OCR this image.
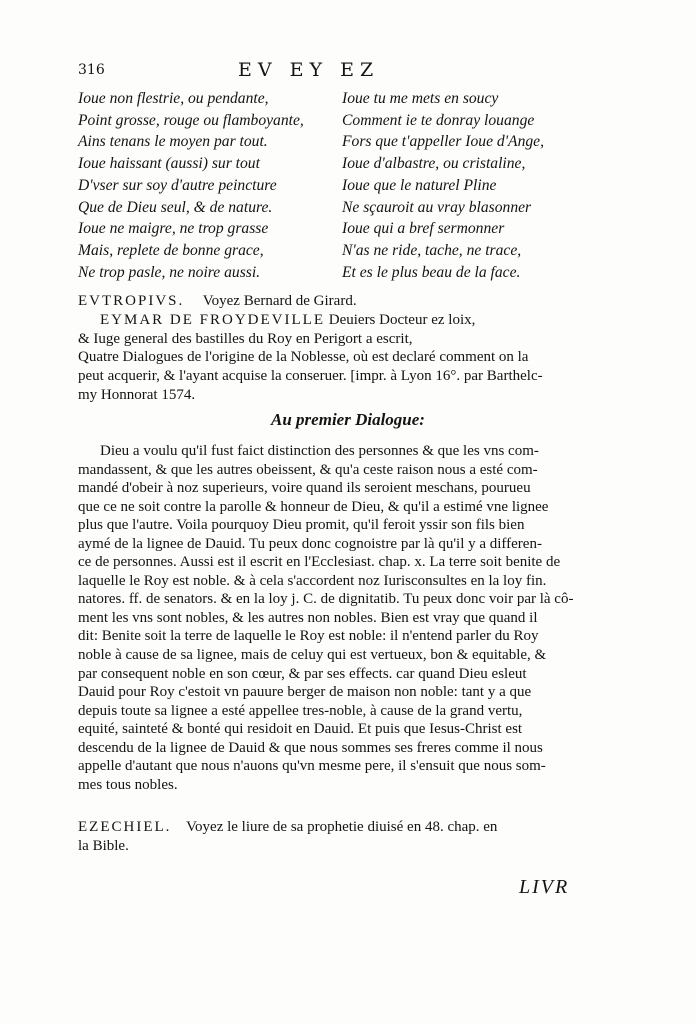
316	EV EY EZ
Ioue non flestrie, ou pendante,
Point grosse, rouge ou flamboyante,
Ains tenans le moyen par tout.
Ioue haissant (aussi) sur tout
D'vser sur soy d'autre peincture
Que de Dieu seul, & de nature.
Ioue ne maigre, ne trop grasse
Mais, replete de bonne grace,
Ne trop pasle, ne noire aussi.
Ioue tu me mets en soucy
Comment ie te donray louange
Fors que t'appeller Ioue d'Ange,
Ioue d'albastre, ou cristaline,
Ioue que le naturel Pline
Ne sçauroit au vray blasonner
Ioue qui a bref sermonner
N'as ne ride, tache, ne trace,
Et es le plus beau de la face.
EVTROPIVS. Voyez Bernard de Girard.
EYMAR DE FROYDEVILLE Deuiers Docteur ez loix,
& Iuge general des bastilles du Roy en Perigort a escrit,
Quatre Dialogues de l'origine de la Noblesse, où est declaré comment on la
peut acquerir, & l'ayant acquise la conseruer. [impr. à Lyon 16°. par Barthelc-
my Honnorat 1574.
Au premier Dialogue:
Dieu a voulu qu'il fust faict distinction des personnes & que les vns com-
mandassent, & que les autres obeissent, & qu'a ceste raison nous a esté com-
mandé d'obeir à noz superieurs, voire quand ils seroient meschans, pourueu
que ce ne soit contre la parolle & honneur de Dieu, & qu'il a estimé vne lignee
plus que l'autre. Voila pourquoy Dieu promit, qu'il feroit yssir son fils bien
aymé de la lignee de Dauid. Tu peux donc cognoistre par là qu'il y a differen-
ce de personnes. Aussi est il escrit en l'Ecclesiast. chap. x. La terre soit benite de
laquelle le Roy est noble. & à cela s'accordent noz Iurisconsultes en la loy fin.
natores. ff. de senators. & en la loy j. C. de dignitatib. Tu peux donc voir par là cô-
ment les vns sont nobles, & les autres non nobles. Bien est vray que quand il
dit: Benite soit la terre de laquelle le Roy est noble: il n'entend parler du Roy
noble à cause de sa lignee, mais de celuy qui est vertueux, bon & equitable, &
par consequent noble en son cœur, & par ses effects. car quand Dieu esleut
Dauid pour Roy c'estoit vn pauure berger de maison non noble: tant y a que
depuis toute sa lignee a esté appellee tres-noble, à cause de la grand vertu,
equité, sainteté & bonté qui residoit en Dauid. Et puis que Iesus-Christ est
descendu de la lignee de Dauid & que nous sommes ses freres comme il nous
appelle d'autant que nous n'auons qu'vn mesme pere, il s'ensuit que nous som-
mes tous nobles.
EZECHIEL. Voyez le liure de sa prophetie diuisé en 48. chap. en
la Bible.
LIVR
